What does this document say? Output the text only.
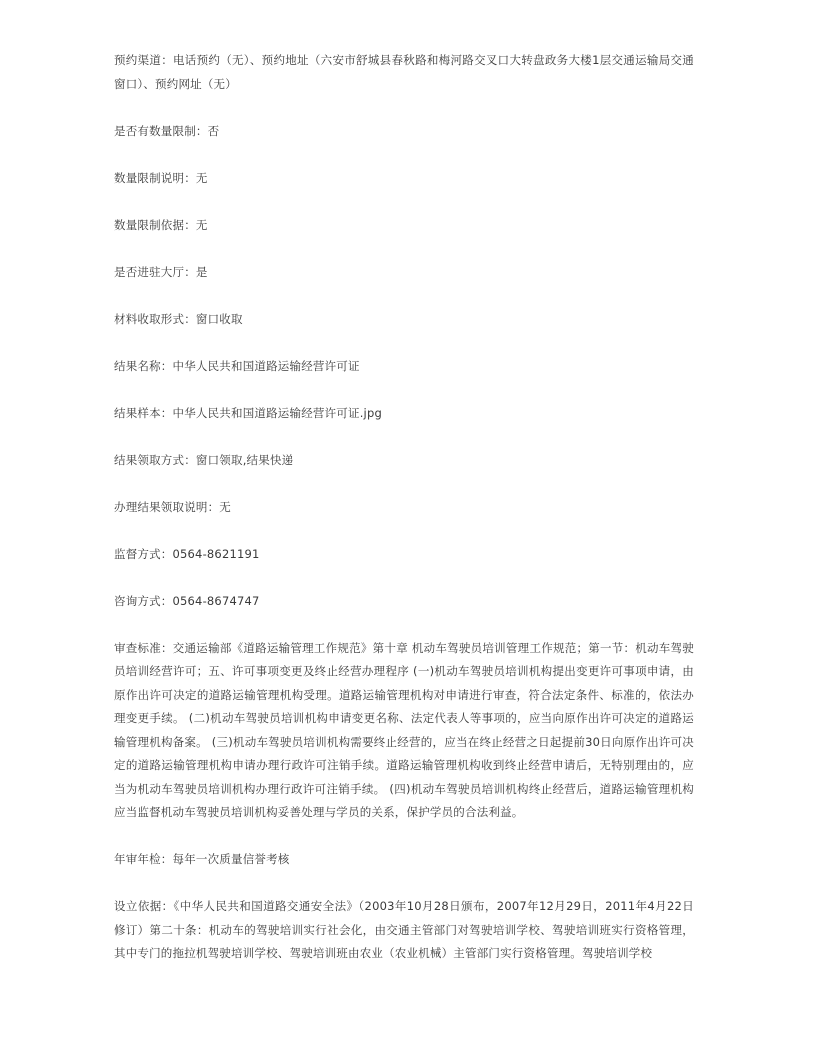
预约渠道：电话预约（无）、预约地址（六安市舒城县春秋路和梅河路交叉口大转盘政务大楼1层交通运输局交通窗口）、预约网址（无）

是否有数量限制：否

数量限制说明：无

数量限制依据：无

是否进驻大厅：是

材料收取形式：窗口收取

结果名称：中华人民共和国道路运输经营许可证

结果样本：中华人民共和国道路运输经营许可证.jpg

结果领取方式：窗口领取,结果快递

办理结果领取说明：无

监督方式：0564-8621191

咨询方式：0564-8674747

审查标准：交通运输部《道路运输管理工作规范》第十章 机动车驾驶员培训管理工作规范；第一节：机动车驾驶员培训经营许可；五、许可事项变更及终止经营办理程序 (一)机动车驾驶员培训机构提出变更许可事项申请，由原作出许可决定的道路运输管理机构受理。道路运输管理机构对申请进行审查，符合法定条件、标准的，依法办理变更手续。 (二)机动车驾驶员培训机构申请变更名称、法定代表人等事项的，应当向原作出许可决定的道路运输管理机构备案。 (三)机动车驾驶员培训机构需要终止经营的，应当在终止经营之日起提前30日向原作出许可决定的道路运输管理机构申请办理行政许可注销手续。道路运输管理机构收到终止经营申请后，无特别理由的，应当为机动车驾驶员培训机构办理行政许可注销手续。 (四)机动车驾驶员培训机构终止经营后，道路运输管理机构应当监督机动车驾驶员培训机构妥善处理与学员的关系，保护学员的合法利益。

年审年检：每年一次质量信誉考核

设立依据：《中华人民共和国道路交通安全法》（2003年10月28日颁布，2007年12月29日，2011年4月22日修订）第二十条：机动车的驾驶培训实行社会化，由交通主管部门对驾驶培训学校、驾驶培训班实行资格管理，其中专门的拖拉机驾驶培训学校、驾驶培训班由农业（农业机械）主管部门实行资格管理。驾驶培训学校
